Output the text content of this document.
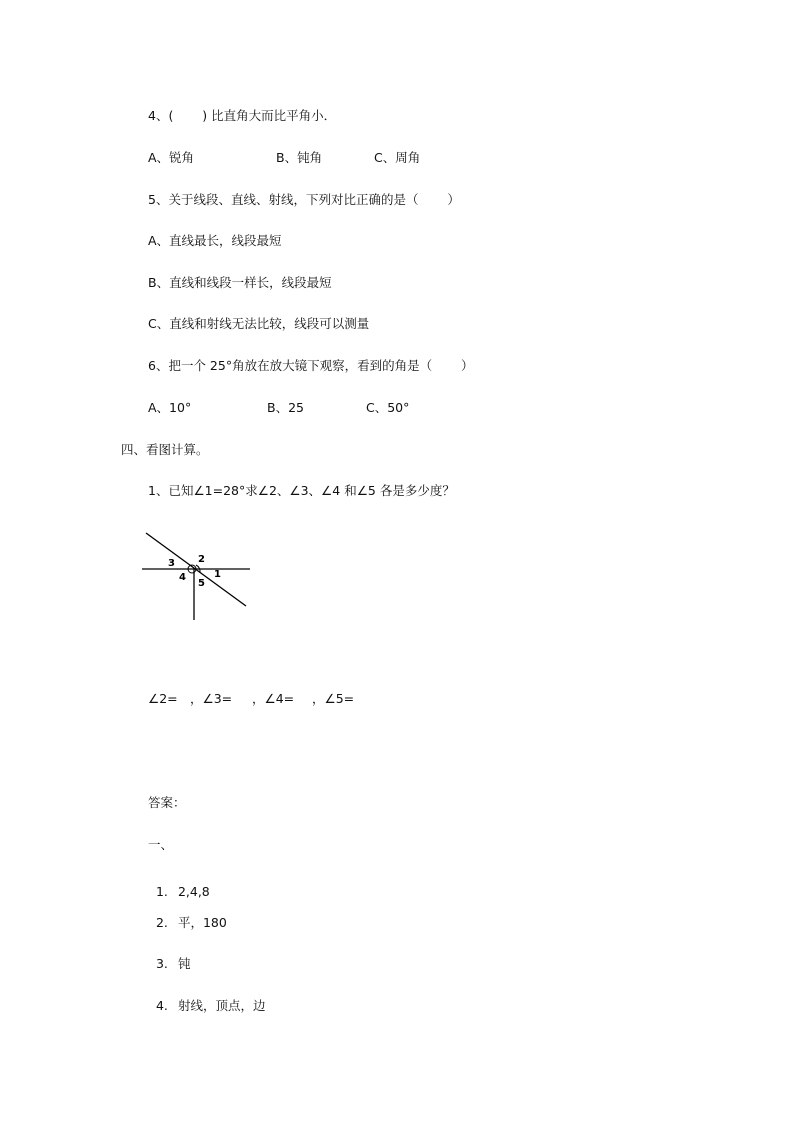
4、(　　 ) 比直角大而比平角小．
A、锐角	B、钝角	C、周角
5、关于线段、直线、射线，下列对比正确的是（　　 ）
A、直线最长，线段最短
B、直线和线段一样长，线段最短
C、直线和射线无法比较，线段可以测量
6、把一个 25°角放在放大镜下观察，看到的角是（　　 ）
A、10°	B、25	C、50°
四、看图计算。
1、已知∠1=28°求∠2、∠3、∠4 和∠5 各是多少度？
3 2
1
4
5
∠2= ，∠3= ，∠4= ，∠5=
答案：
一、

1. 2,4,8

2. 平，180

3. 钝

4. 射线，顶点，边
